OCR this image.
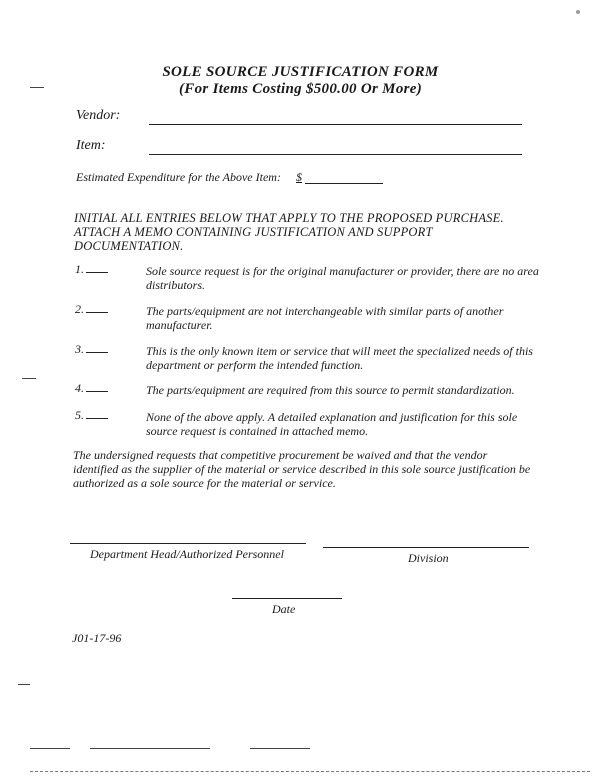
SOLE SOURCE JUSTIFICATION FORM
(For Items Costing $500.00 Or More)
Vendor:
Item:
Estimated Expenditure for the Above Item: $
INITIAL ALL ENTRIES BELOW THAT APPLY TO THE PROPOSED PURCHASE.
ATTACH A MEMO CONTAINING JUSTIFICATION AND SUPPORT
DOCUMENTATION.
1.	Sole source request is for the original manufacturer or provider, there are no area distributors.
2.	The parts/equipment are not interchangeable with similar parts of another manufacturer.
3.	This is the only known item or service that will meet the specialized needs of this department or perform the intended function.
4.	The parts/equipment are required from this source to permit standardization.
5.	None of the above apply. A detailed explanation and justification for this sole source request is contained in attached memo.
The undersigned requests that competitive procurement be waived and that the vendor identified as the supplier of the material or service described in this sole source justification be authorized as a sole source for the material or service.
Department Head/Authorized Personnel	Division
Date
J01-17-96
